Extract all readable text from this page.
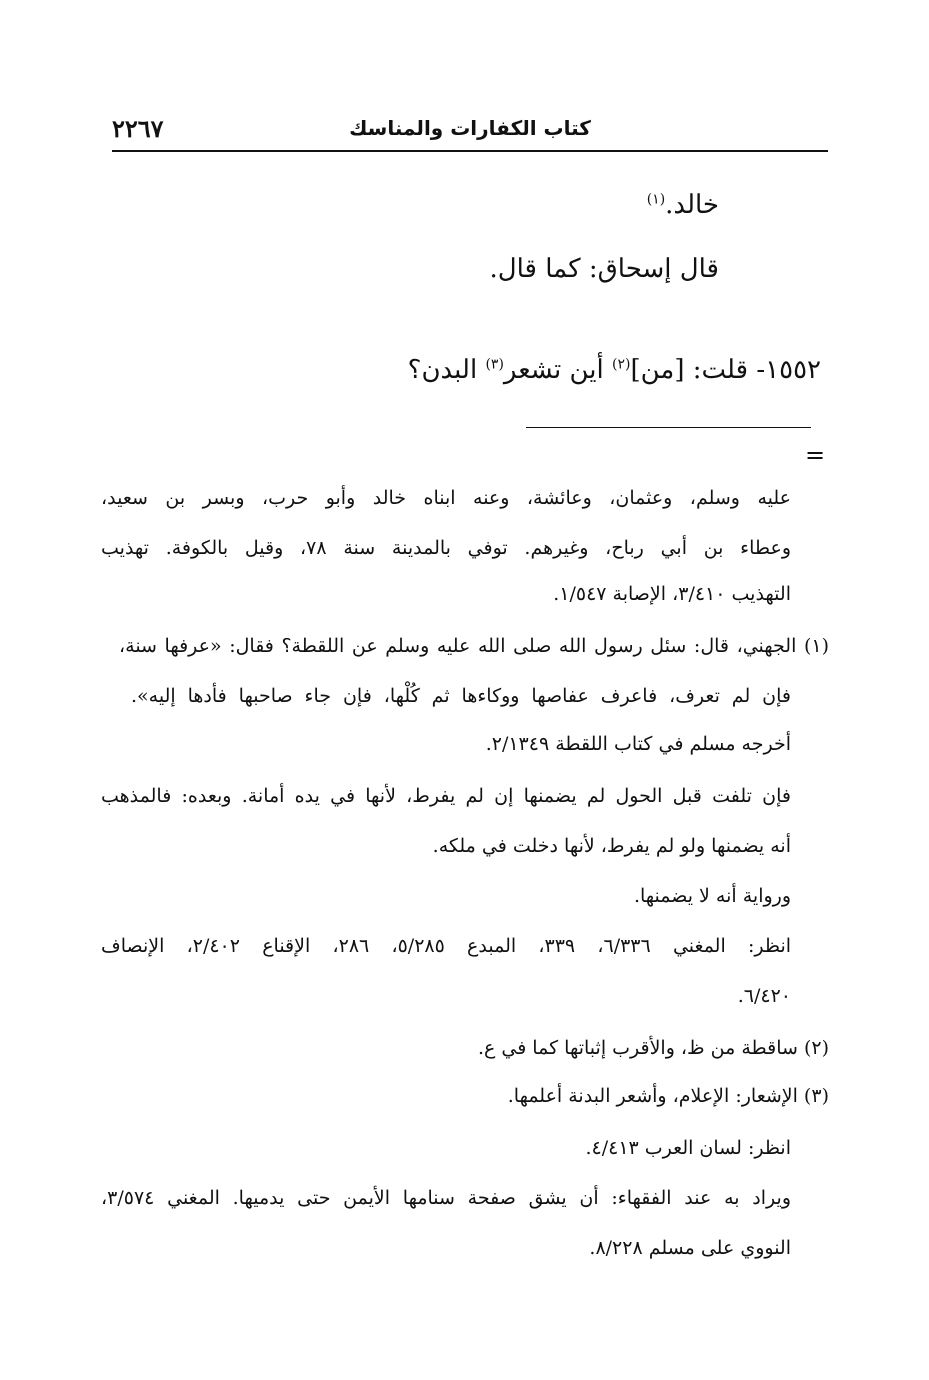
كتاب الكفارات والمناسك
٢٢٦٧
خالد.$^{(١)}$
قال إسحاق: كما قال.
١٥٥٢- قلت: [من]$^{(٢)}$ أين تشعر$^{(٣)}$ البدن؟
=
عليه وسلم، وعثمان، وعائشة، وعنه ابناه خالد وأبو حرب، وبسر بن سعيد،
وعطاء بن أبي رباح، وغيرهم. توفي بالمدينة سنة ٧٨، وقيل بالكوفة. تهذيب
التهذيب ٣/٤١٠، الإصابة ١/٥٤٧.
(١) الجهني، قال: سئل رسول الله صلى الله عليه وسلم عن اللقطة؟ فقال: «عرفها سنة،
فإن لم تعرف، فاعرف عفاصها ووكاءها ثم كُلْها، فإن جاء صاحبها فأدها إليه».
أخرجه مسلم في كتاب اللقطة ٢/١٣٤٩.
فإن تلفت قبل الحول لم يضمنها إن لم يفرط، لأنها في يده أمانة. وبعده: فالمذهب
أنه يضمنها ولو لم يفرط، لأنها دخلت في ملكه.
ورواية أنه لا يضمنها.
انظر: المغني ٦/٣٣٦، ٣٣٩، المبدع ٥/٢٨٥، ٢٨٦، الإقناع ٢/٤٠٢، الإنصاف
٦/٤٢٠.
(٢) ساقطة من ظ، والأقرب إثباتها كما في ع.
(٣) الإشعار: الإعلام، وأشعر البدنة أعلمها.
انظر: لسان العرب ٤/٤١٣.
ويراد به عند الفقهاء: أن يشق صفحة سنامها الأيمن حتى يدميها. المغني ٣/٥٧٤،
النووي على مسلم ٨/٢٢٨.
